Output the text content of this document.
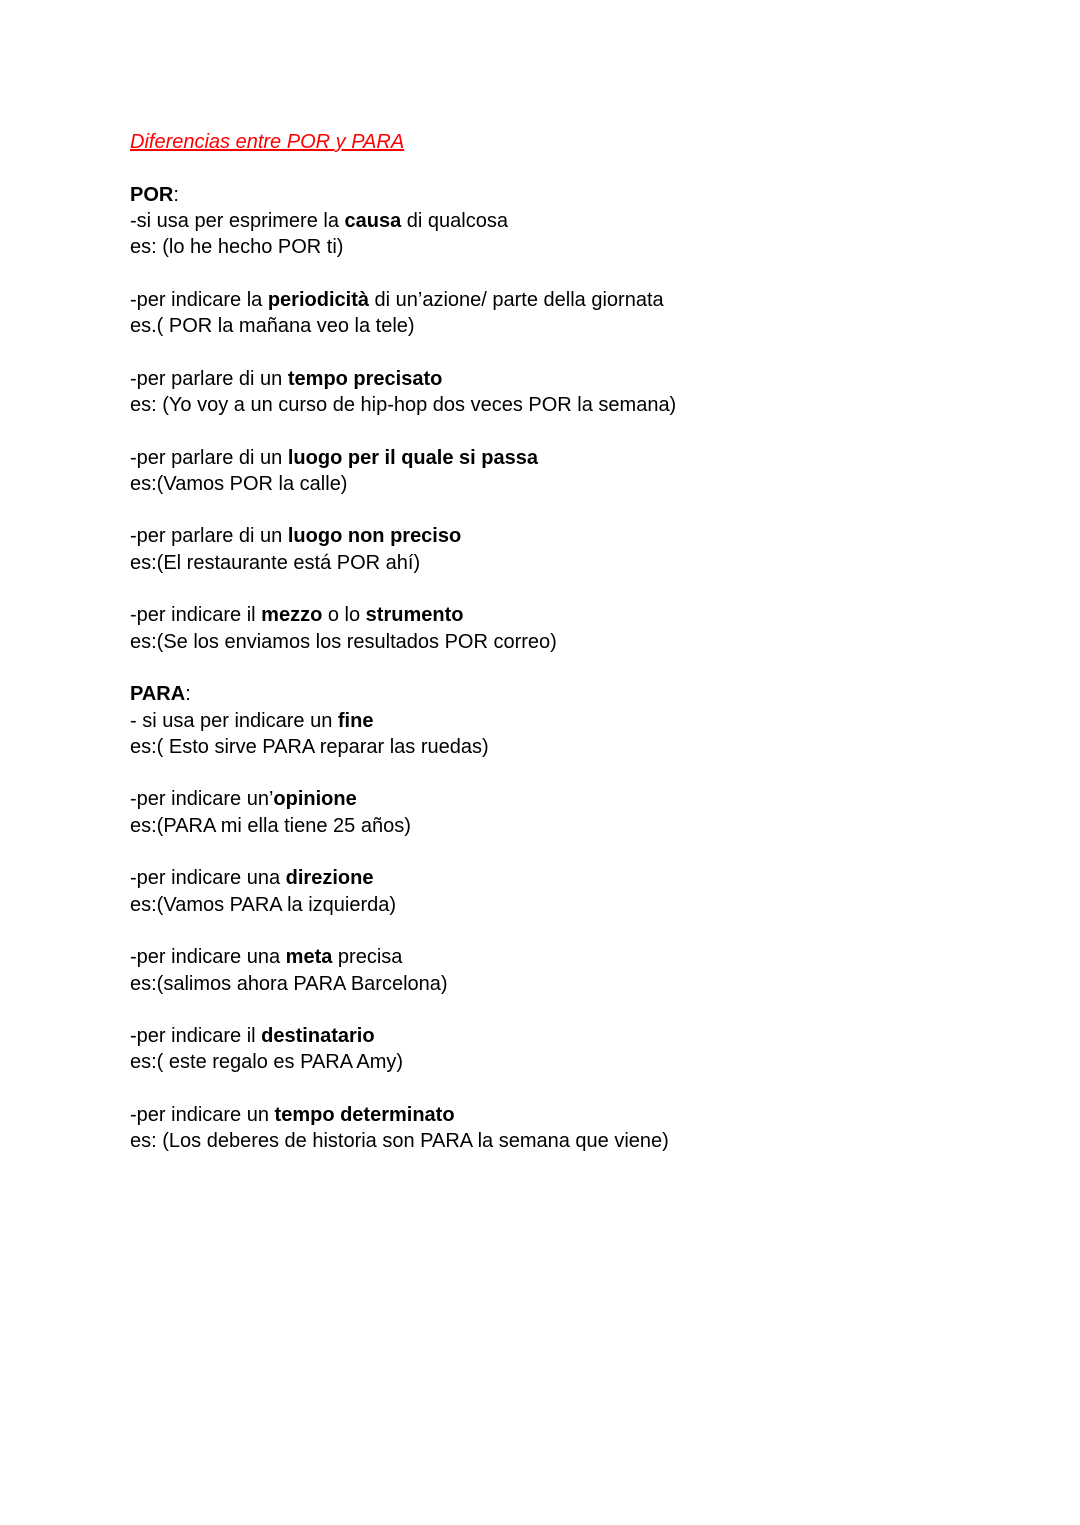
Diferencias entre POR y PARA
POR:
-si usa per esprimere la causa di qualcosa
es: (lo he hecho POR ti)
-per indicare la periodicità di un’azione/ parte della giornata
es.( POR la mañana veo la tele)
-per parlare di un tempo precisato
es: (Yo voy a un curso de hip-hop dos veces POR la semana)
-per parlare di un luogo per il quale si passa
es:(Vamos POR la calle)
-per parlare di un luogo non preciso
es:(El restaurante está POR ahí)
-per indicare il mezzo o lo strumento
es:(Se los enviamos los resultados POR correo)
PARA:
- si usa per indicare un fine
es:( Esto sirve PARA reparar las ruedas)
-per indicare un’opinione
es:(PARA mi ella tiene 25 años)
-per indicare una direzione
es:(Vamos PARA la izquierda)
-per indicare una meta precisa
es:(salimos ahora PARA Barcelona)
-per indicare il destinatario
es:( este regalo es PARA Amy)
-per indicare un tempo determinato
es: (Los deberes de historia son PARA la semana que viene)
